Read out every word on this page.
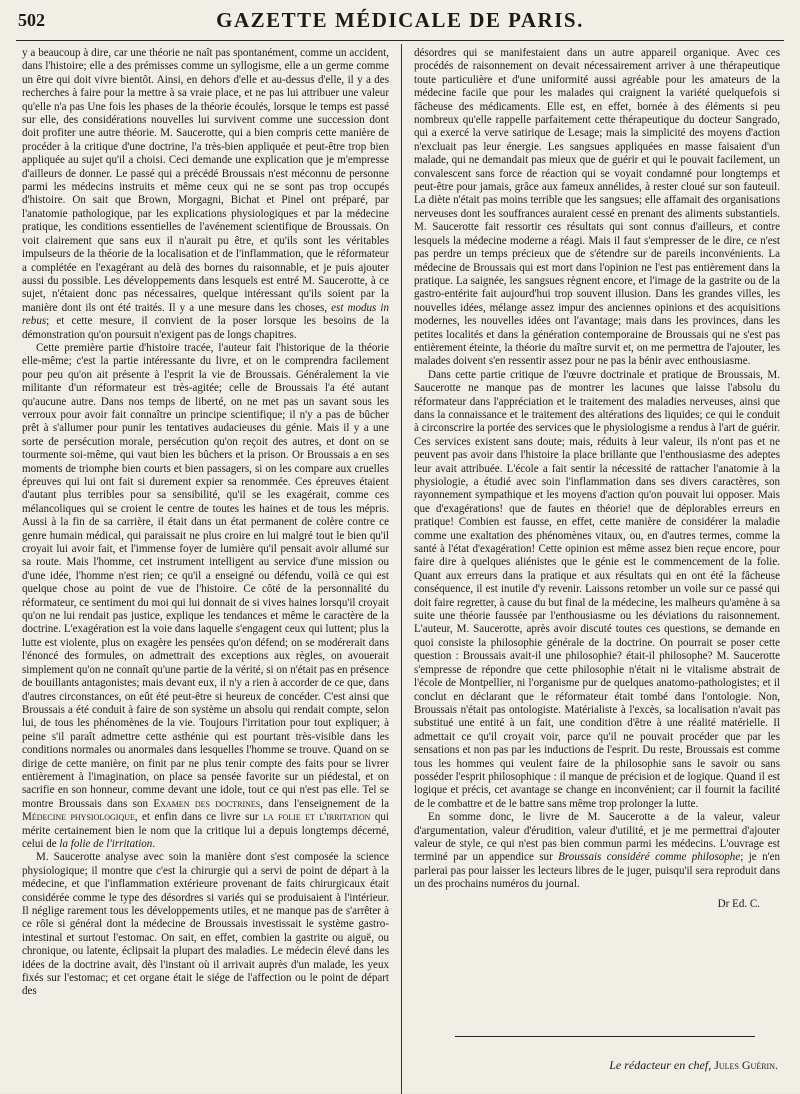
502	GAZETTE MÉDICALE DE PARIS.

y a beaucoup à dire, car une théorie ne naît pas spontanément, comme un accident, dans l'histoire; elle a des prémisses comme un syllogisme, elle a un germe comme un être qui doit vivre bientôt. Ainsi, en dehors d'elle et au-dessus d'elle, il y a des recherches à faire pour la mettre à sa vraie place, et ne pas lui attribuer une valeur qu'elle n'a pas Une fois les phases de la théorie écoulés, lorsque le temps est passé sur elle, des considérations nouvelles lui survivent comme une succession dont doit profiter une autre théorie. M. Saucerotte, qui a bien compris cette manière de procéder à la critique d'une doctrine, l'a très-bien appliquée et peut-être trop bien appliquée au sujet qu'il a choisi. Ceci demande une explication que je m'empresse d'ailleurs de donner. Le passé qui a précédé Broussais n'est méconnu de personne parmi les médecins instruits et même ceux qui ne se sont pas trop occupés d'histoire. On sait que Brown, Morgagni, Bichat et Pinel ont préparé, par l'anatomie pathologique, par les explications physiologiques et par la médecine pratique, les conditions essentielles de l'avénement scientifique de Broussais. On voit clairement que sans eux il n'aurait pu être, et qu'ils sont les véritables impulseurs de la théorie de la localisation et de l'inflammation, que le réformateur a complétée en l'exagérant au delà des bornes du raisonnable, et je puis ajouter aussi du possible. Les développements dans lesquels est entré M. Saucerotte, à ce sujet, n'étaient donc pas nécessaires, quelque intéressant qu'ils soient par la manière dont ils ont été traités. Il y a une mesure dans les choses, est modus in rebus; et cette mesure, il convient de la poser lorsque les besoins de la démonstration qu'on poursuit n'exigent pas de longs chapitres.

Cette première partie d'histoire tracée, l'auteur fait l'historique de la théorie elle-même; c'est la partie intéressante du livre, et on le comprendra facilement pour peu qu'on ait présente à l'esprit la vie de Broussais. Généralement la vie militante d'un réformateur est très-agitée; celle de Broussais l'a été autant qu'aucune autre. Dans nos temps de liberté, on ne met pas un savant sous les verroux pour avoir fait connaître un principe scientifique; il n'y a pas de bûcher prêt à s'allumer pour punir les tentatives audacieuses du génie. Mais il y a une sorte de persécution morale, persécution qu'on reçoit des autres, et dont on se tourmente soi-même, qui vaut bien les bûchers et la prison. Or Broussais a en ses moments de triomphe bien courts et bien passagers, si on les compare aux cruelles épreuves qui lui ont fait si durement expier sa renommée. Ces épreuves étaient d'autant plus terribles pour sa sensibilité, qu'il se les exagérait, comme ces mélancoliques qui se croient le centre de toutes les haines et de tous les mépris. Aussi à la fin de sa carrière, il était dans un état permanent de colère contre ce genre humain médical, qui paraissait ne plus croire en lui malgré tout le bien qu'il croyait lui avoir fait, et l'immense foyer de lumière qu'il pensait avoir allumé sur sa route. Mais l'homme, cet instrument intelligent au service d'une mission ou d'une idée, l'homme n'est rien; ce qu'il a enseigné ou défendu, voilà ce qui est quelque chose au point de vue de l'histoire. Ce côté de la personnalité du réformateur, ce sentiment du moi qui lui donnait de si vives haines lorsqu'il croyait qu'on ne lui rendait pas justice, explique les tendances et même le caractère de la doctrine. L'exagération est la voie dans laquelle s'engagent ceux qui luttent; plus la lutte est violente, plus on exagère les pensées qu'on défend; on se modérerait dans l'énoncé des formules, on admettrait des exceptions aux règles, on avouerait simplement qu'on ne connaît qu'une partie de la vérité, si on n'était pas en présence de bouillants antagonistes; mais devant eux, il n'y a rien à accorder de ce que, dans d'autres circonstances, on eût été peut-être si heureux de concéder. C'est ainsi que Broussais a été conduit à faire de son système un absolu qui rendait compte, selon lui, de tous les phénomènes de la vie. Toujours l'irritation pour tout expliquer; à peine s'il paraît admettre cette asthénie qui est pourtant très-visible dans les conditions normales ou anormales dans lesquelles l'homme se trouve. Quand on se dirige de cette manière, on finit par ne plus tenir compte des faits pour se livrer entièrement à l'imagination, on place sa pensée favorite sur un piédestal, et on sacrifie en son honneur, comme devant une idole, tout ce qui n'est pas elle. Tel se montre Broussais dans son Examen des doctrines, dans l'enseignement de la Médecine physiologique, et enfin dans ce livre sur la folie et l'irritation qui mérite certainement bien le nom que la critique lui a depuis longtemps décerné, celui de la folie de l'irritation.

M. Saucerotte analyse avec soin la manière dont s'est composée la science physiologique; il montre que c'est la chirurgie qui a servi de point de départ à la médecine, et que l'inflammation extérieure provenant de faits chirurgicaux était considérée comme le type des désordres si variés qui se produisaient à l'intérieur. Il néglige rarement tous les développements utiles, et ne manque pas de s'arrêter à ce rôle si général dont la médecine de Broussais investissait le système gastro-intestinal et surtout l'estomac. On sait, en effet, combien la gastrite ou aiguë, ou chronique, ou latente, éclipsait la plupart des maladies. Le médecin élevé dans les idées de la doctrine avait, dès l'instant où il arrivait auprès d'un malade, les yeux fixés sur l'estomac; et cet organe était le siége de l'affection ou le point de départ des

désordres qui se manifestaient dans un autre appareil organique. Avec ces procédés de raisonnement on devait nécessairement arriver à une thérapeutique toute particulière et d'une uniformité aussi agréable pour les amateurs de la médecine facile que pour les malades qui craignent la variété quelquefois si fâcheuse des médicaments. Elle est, en effet, bornée à des éléments si peu nombreux qu'elle rappelle parfaitement cette thérapeutique du docteur Sangrado, qui a exercé la verve satirique de Lesage; mais la simplicité des moyens d'action n'excluait pas leur énergie. Les sangsues appliquées en masse faisaient d'un malade, qui ne demandait pas mieux que de guérir et qui le pouvait facilement, un convalescent sans force de réaction qui se voyait condamné pour longtemps et peut-être pour jamais, grâce aux fameux annélides, à rester cloué sur son fauteuil. La diète n'était pas moins terrible que les sangsues; elle affamait des organisations nerveuses dont les souffrances auraient cessé en prenant des aliments substantiels. M. Saucerotte fait ressortir ces résultats qui sont connus d'ailleurs, et contre lesquels la médecine moderne a réagi. Mais il faut s'empresser de le dire, ce n'est pas perdre un temps précieux que de s'étendre sur de pareils inconvénients. La médecine de Broussais qui est mort dans l'opinion ne l'est pas entièrement dans la pratique. La saignée, les sangsues règnent encore, et l'image de la gastrite ou de la gastro-entérite fait aujourd'hui trop souvent illusion. Dans les grandes villes, les nouvelles idées, mélange assez impur des anciennes opinions et des acquisitions modernes, les nouvelles idées ont l'avantage; mais dans les provinces, dans les petites localités et dans la génération contemporaine de Broussais qui ne s'est pas entièrement éteinte, la théorie du maître survit et, on me permettra de l'ajouter, les malades doivent s'en ressentir assez pour ne pas la bénir avec enthousiasme.

Dans cette partie critique de l'œuvre doctrinale et pratique de Broussais, M. Saucerotte ne manque pas de montrer les lacunes que laisse l'absolu du réformateur dans l'appréciation et le traitement des maladies nerveuses, ainsi que dans la connaissance et le traitement des altérations des liquides; ce qui le conduit à circonscrire la portée des services que le physiologisme a rendus à l'art de guérir. Ces services existent sans doute; mais, réduits à leur valeur, ils n'ont pas et ne peuvent pas avoir dans l'histoire la place brillante que l'enthousiasme des adeptes leur avait attribuée. L'école a fait sentir la nécessité de rattacher l'anatomie à la physiologie, a étudié avec soin l'inflammation dans ses divers caractères, son rayonnement sympathique et les moyens d'action qu'on pouvait lui opposer. Mais que d'exagérations! que de fautes en théorie! que de déplorables erreurs en pratique! Combien est fausse, en effet, cette manière de considérer la maladie comme une exaltation des phénomènes vitaux, ou, en d'autres termes, comme la santé à l'état d'exagération! Cette opinion est même assez bien reçue encore, pour faire dire à quelques aliénistes que le génie est le commencement de la folie. Quant aux erreurs dans la pratique et aux résultats qui en ont été la fâcheuse conséquence, il est inutile d'y revenir. Laissons retomber un voile sur ce passé qui doit faire regretter, à cause du but final de la médecine, les malheurs qu'amène à sa suite une théorie faussée par l'enthousiasme ou les déviations du raisonnement. L'auteur, M. Saucerotte, après avoir discuté toutes ces questions, se demande en quoi consiste la philosophie générale de la doctrine. On pourrait se poser cette question : Broussais avait-il une philosophie? était-il philosophe? M. Saucerotte s'empresse de répondre que cette philosophie n'était ni le vitalisme abstrait de l'école de Montpellier, ni l'organisme pur de quelques anatomo-pathologistes; et il conclut en déclarant que le réformateur était tombé dans l'ontologie. Non, Broussais n'était pas ontologiste. Matérialiste à l'excès, sa localisation n'avait pas substitué une entité à un fait, une condition d'être à une réalité matérielle. Il admettait ce qu'il croyait voir, parce qu'il ne pouvait procéder que par les sensations et non pas par les inductions de l'esprit. Du reste, Broussais est comme tous les hommes qui veulent faire de la philosophie sans le savoir ou sans posséder l'esprit philosophique : il manque de précision et de logique. Quand il est logique et précis, cet avantage se change en inconvénient; car il fournit la facilité de le combattre et de le battre sans même trop prolonger la lutte.

En somme donc, le livre de M. Saucerotte a de la valeur, valeur d'argumentation, valeur d'érudition, valeur d'utilité, et je me permettrai d'ajouter valeur de style, ce qui n'est pas bien commun parmi les médecins. L'ouvrage est terminé par un appendice sur Broussais considéré comme philosophe; je n'en parlerai pas pour laisser les lecteurs libres de le juger, puisqu'il sera reproduit dans un des prochains numéros du journal.

Dr Ed. C.

Le rédacteur en chef, Jules Guérin.
